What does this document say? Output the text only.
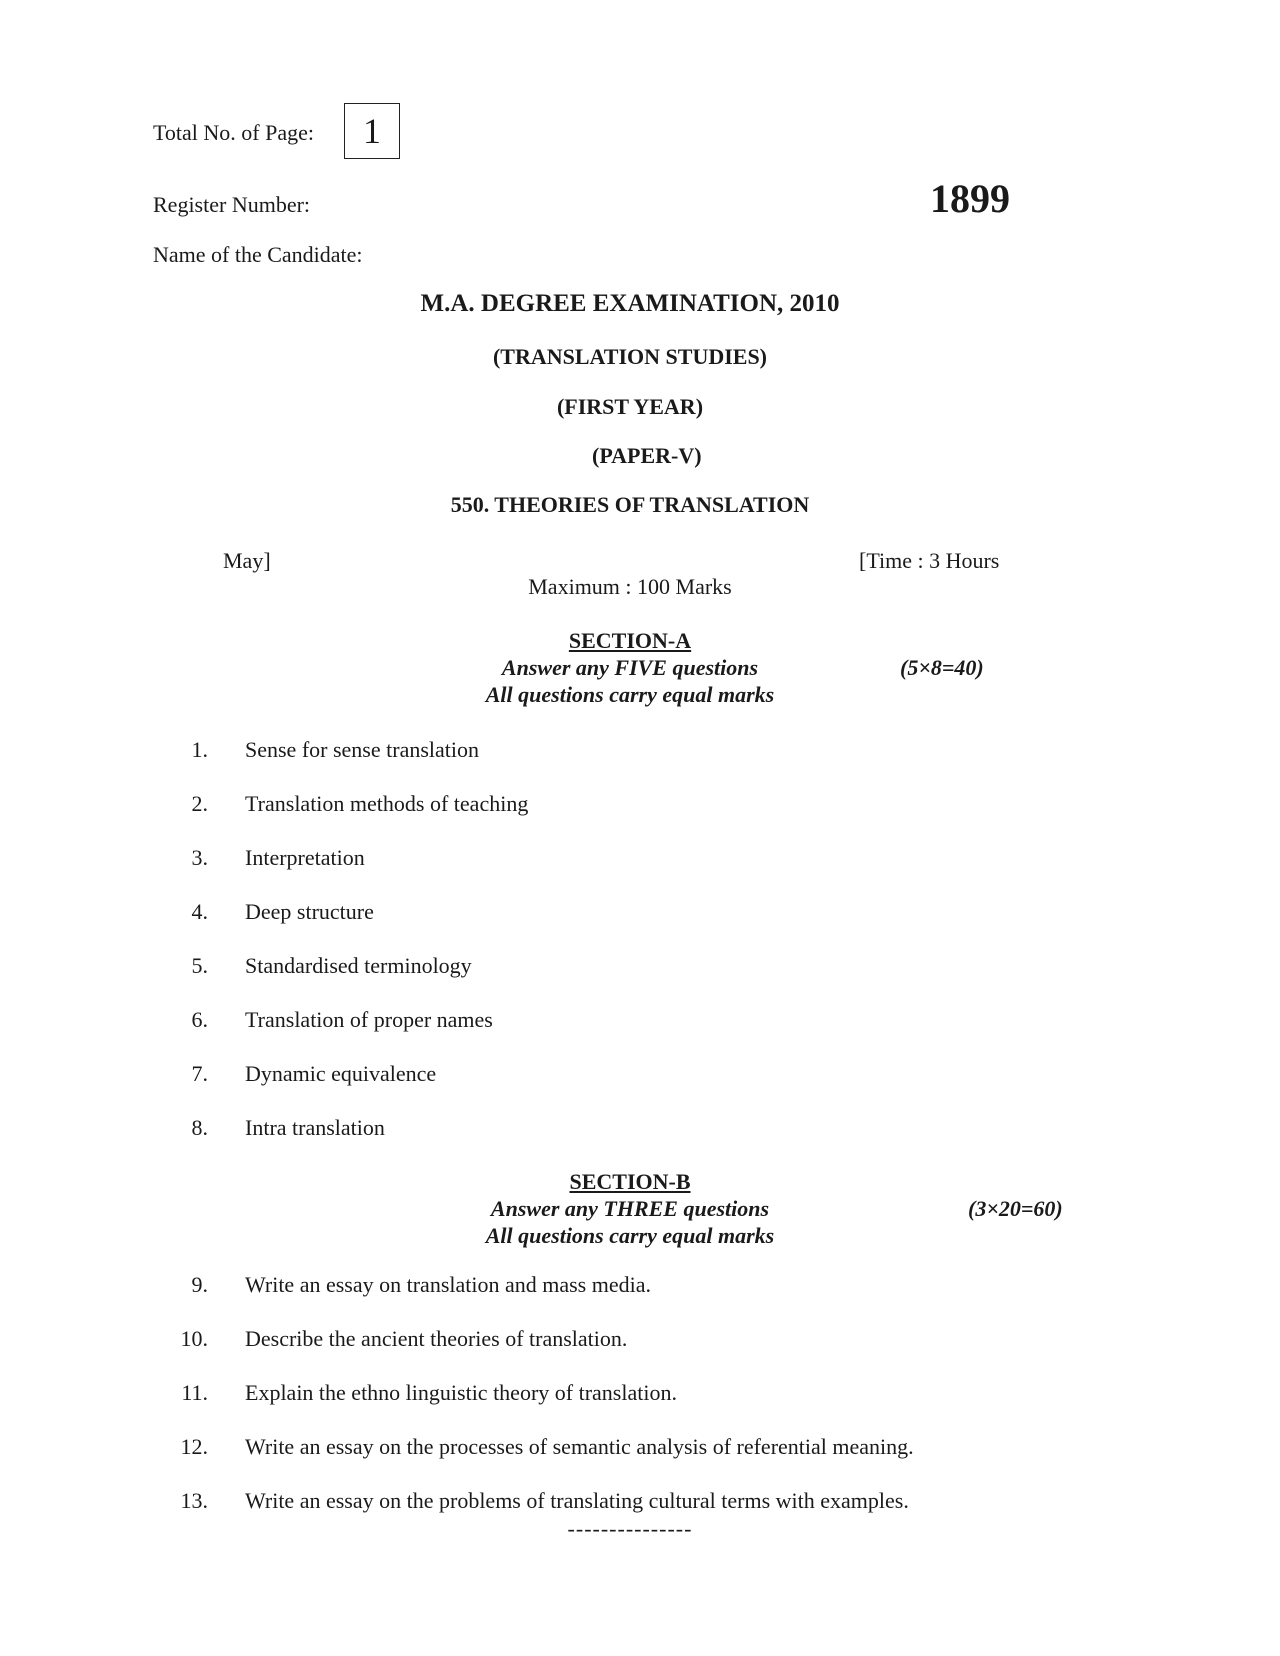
Total No. of Page:	1
Register Number:	1899
Name of the Candidate:
M.A. DEGREE EXAMINATION, 2010
(TRANSLATION STUDIES)
(FIRST YEAR)
(PAPER-V)
550. THEORIES OF TRANSLATION
May]	[Time : 3 Hours
Maximum : 100 Marks
SECTION-A
Answer any FIVE questions	(5×8=40)
All questions carry equal marks
1. Sense for sense translation
2. Translation methods of teaching
3. Interpretation
4. Deep structure
5. Standardised terminology
6. Translation of proper names
7. Dynamic equivalence
8. Intra translation
SECTION-B
Answer any THREE questions	(3×20=60)
All questions carry equal marks
9. Write an essay on translation and mass media.
10. Describe the ancient theories of translation.
11. Explain the ethno linguistic theory of translation.
12. Write an essay on the processes of semantic analysis of referential meaning.
13. Write an essay on the problems of translating cultural terms with examples.
---------------
